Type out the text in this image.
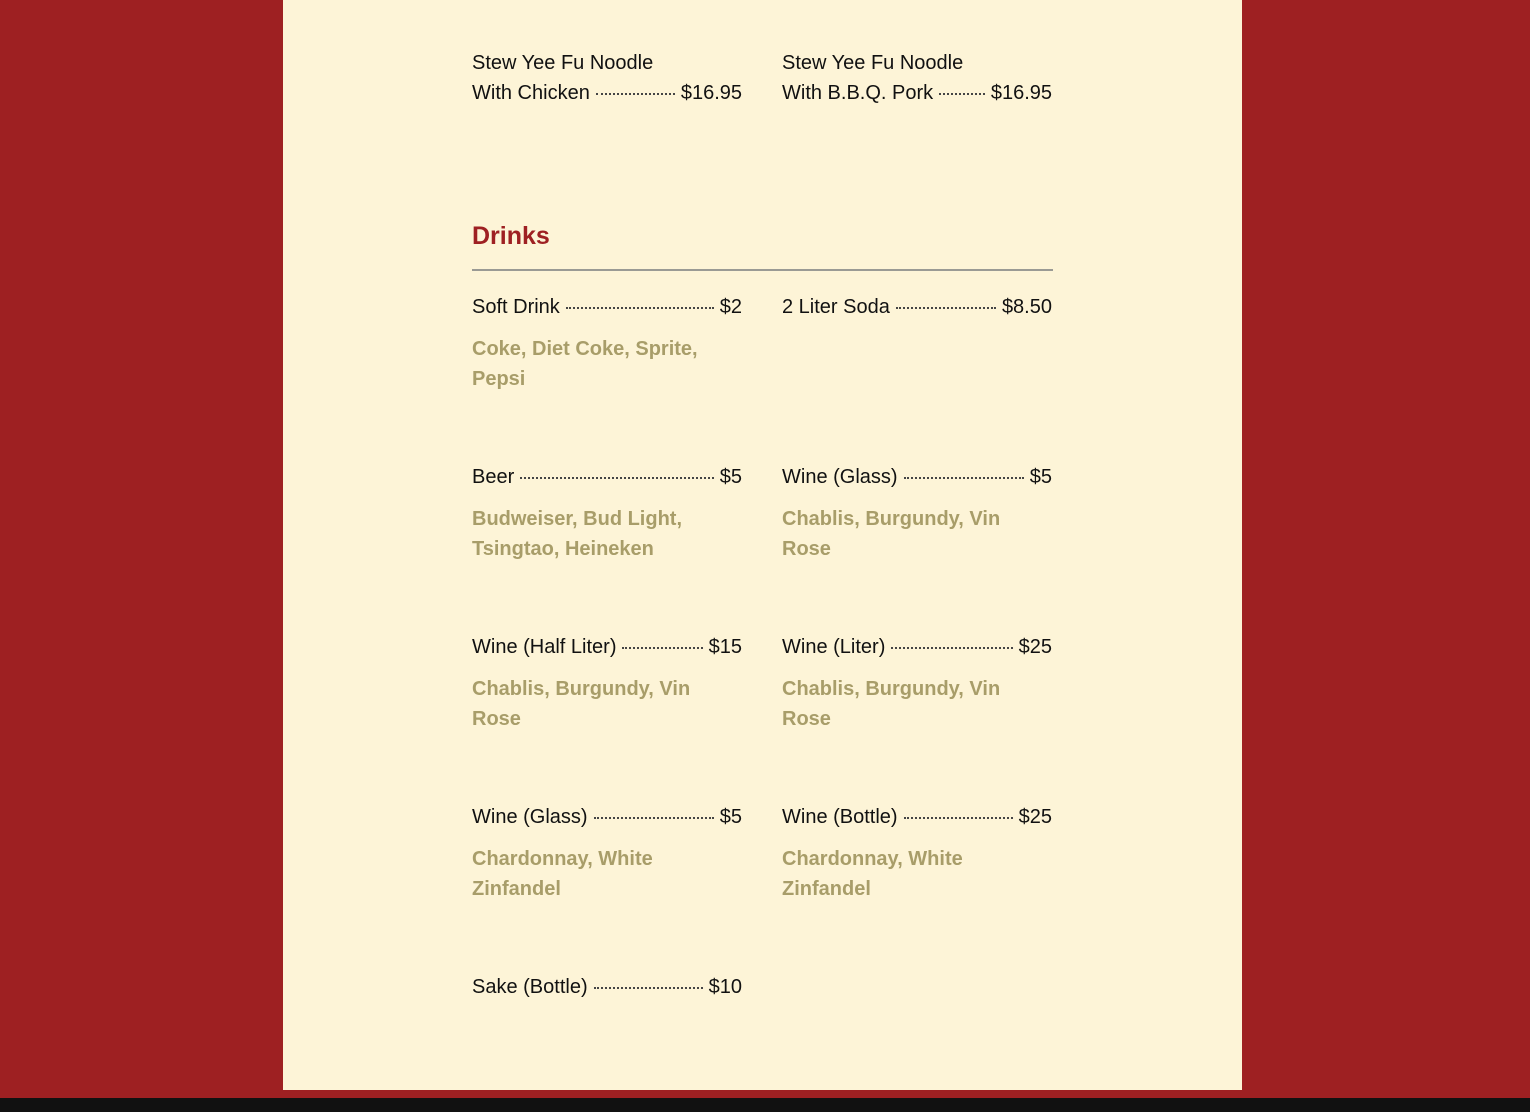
Stew Yee Fu Noodle
With Chicken	$16.95
Stew Yee Fu Noodle
With B.B.Q. Pork	$16.95
Drinks
Soft Drink	$2
Coke, Diet Coke, Sprite, Pepsi
2 Liter Soda	$8.50
Beer	$5
Budweiser, Bud Light, Tsingtao, Heineken
Wine (Glass)	$5
Chablis, Burgundy, Vin Rose
Wine (Half Liter)	$15
Chablis, Burgundy, Vin Rose
Wine (Liter)	$25
Chablis, Burgundy, Vin Rose
Wine (Glass)	$5
Chardonnay, White Zinfandel
Wine (Bottle)	$25
Chardonnay, White Zinfandel
Sake (Bottle)	$10
